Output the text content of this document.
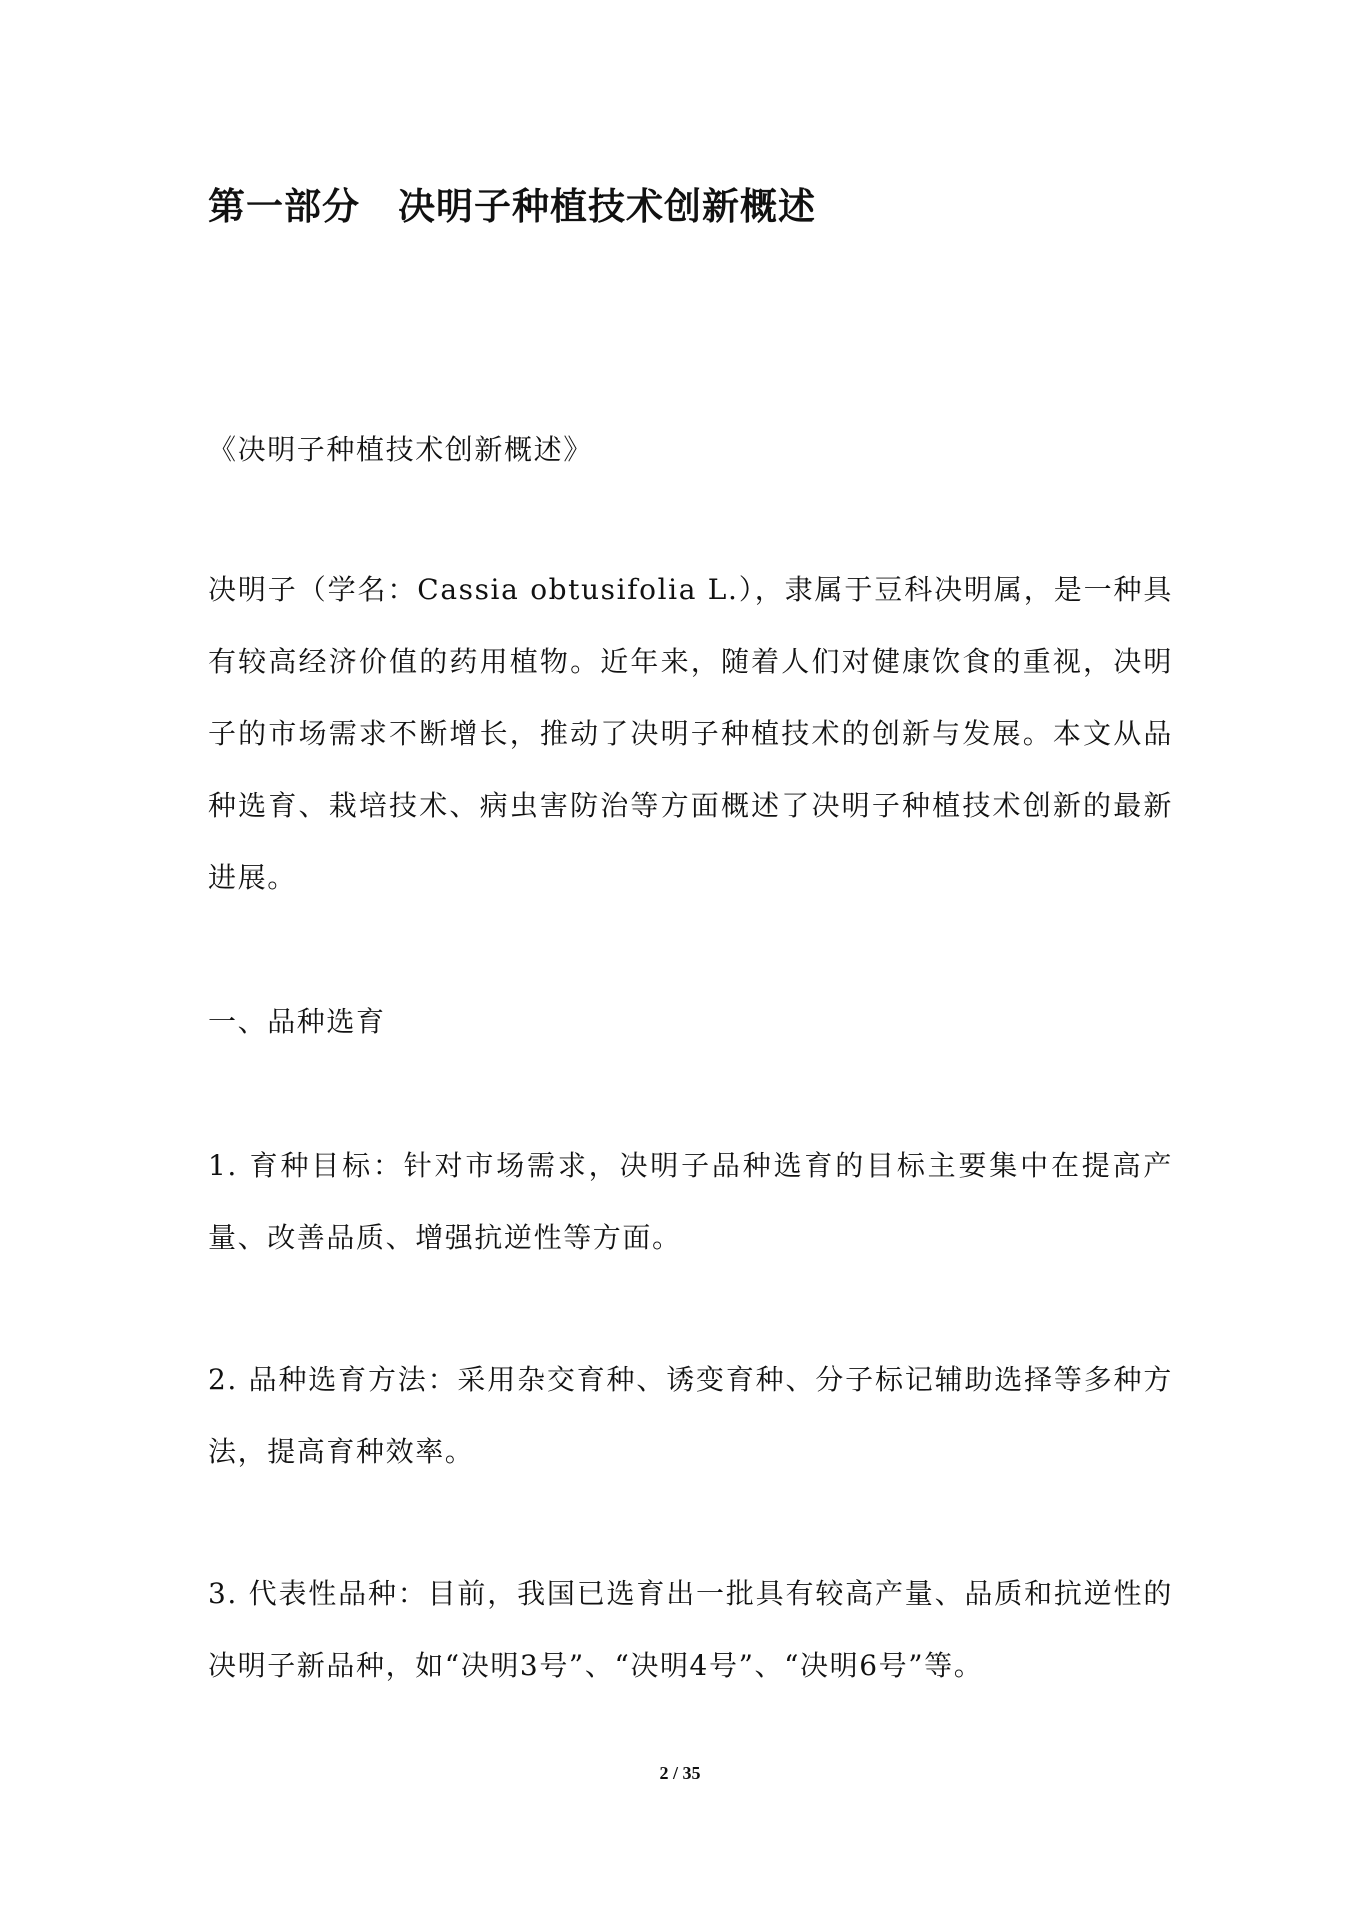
第一部分　决明子种植技术创新概述
《决明子种植技术创新概述》
决明子（学名：Cassia obtusifolia L.），隶属于豆科决明属，是一种具有较高经济价值的药用植物。近年来，随着人们对健康饮食的重视，决明子的市场需求不断增长，推动了决明子种植技术的创新与发展。本文从品种选育、栽培技术、病虫害防治等方面概述了决明子种植技术创新的最新进展。
一、品种选育
1. 育种目标：针对市场需求，决明子品种选育的目标主要集中在提高产量、改善品质、增强抗逆性等方面。
2. 品种选育方法：采用杂交育种、诱变育种、分子标记辅助选择等多种方法，提高育种效率。
3. 代表性品种：目前，我国已选育出一批具有较高产量、品质和抗逆性的决明子新品种，如“决明3号”、“决明4号”、“决明6号”等。
2 / 35
